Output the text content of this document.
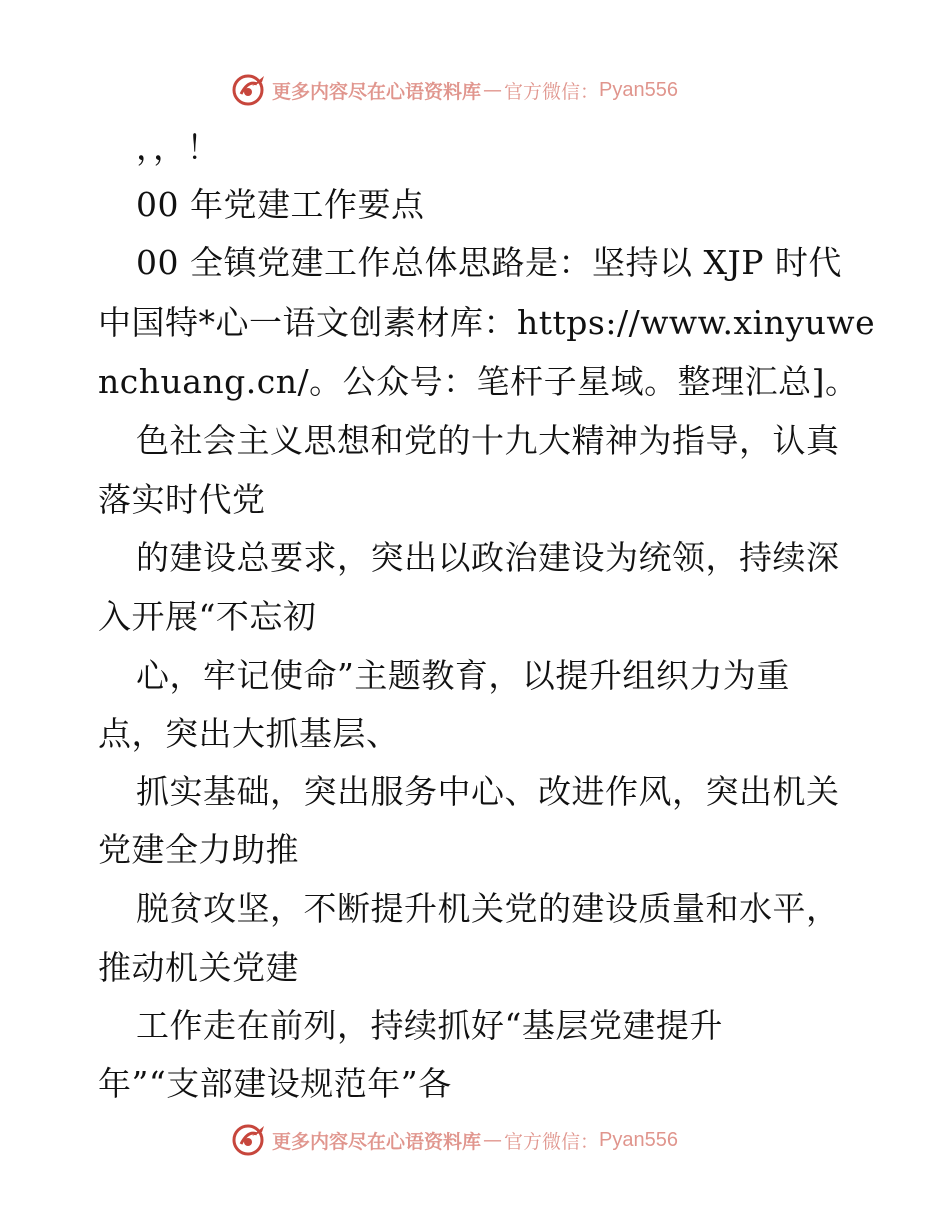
更多内容尽在心语资料库 — 官方微信： Pyan556
，，！
00 年党建工作要点
00 全镇党建工作总体思路是：坚持以 XJP 时代
中国特*心一语文创素材库：https://www.xinyuwe
nchuang.cn/。公众号：笔杆子星域。整理汇总]。
色社会主义思想和党的十九大精神为指导，认真
落实时代党
的建设总要求，突出以政治建设为统领，持续深
入开展“不忘初
心，牢记使命”主题教育，以提升组织力为重
点，突出大抓基层、
抓实基础，突出服务中心、改进作风，突出机关
党建全力助推
脱贫攻坚，不断提升机关党的建设质量和水平，
推动机关党建
工作走在前列，持续抓好“基层党建提升
年”“支部建设规范年”各
更多内容尽在心语资料库 — 官方微信： Pyan556
